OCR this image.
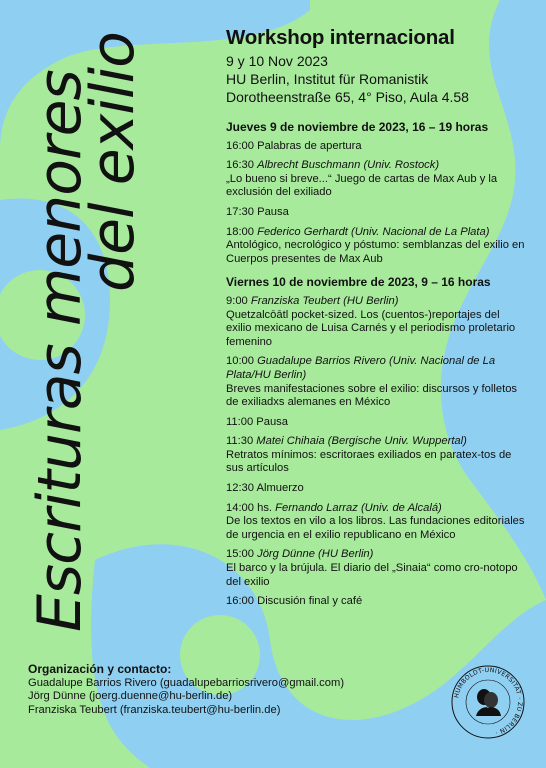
Escrituras menores
del exilio	Workshop internacional
9 y 10 Nov 2023
HU Berlin, Institut für Romanistik
Dorotheenstraße 65, 4° Piso, Aula 4.58
Jueves 9 de noviembre de 2023, 16 – 19 horas
16:00 Palabras de apertura
16:30 Albrecht Buschmann (Univ. Rostock)
„Lo bueno si breve...“ Juego de cartas de Max Aub y la exclusión del exiliado
17:30 Pausa
18:00 Federico Gerhardt (Univ. Nacional de La Plata)
Antológico, necrológico y póstumo: semblanzas del exilio en Cuerpos presentes de Max Aub
Viernes 10 de noviembre de 2023, 9 – 16 horas
9:00 Franziska Teubert (HU Berlin)
Quetzalcōātl pocket-sized. Los (cuentos-)reportajes del exilio mexicano de Luisa Carnés y el periodismo proletario femenino
10:00 Guadalupe Barrios Rivero (Univ. Nacional de La Plata/HU Berlin)
Breves manifestaciones sobre el exilio: discursos y folletos de exiliadxs alemanes en México
11:00 Pausa
11:30 Matei Chihaia (Bergische Univ. Wuppertal)
Retratos mínimos: escritoraes exiliados en paratex-tos de sus artículos
12:30 Almuerzo
14:00 hs. Fernando Larraz (Univ. de Alcalá)
De los textos en vilo a los libros. Las fundaciones editoriales de urgencia en el exilio republicano en México
15:00 Jörg Dünne (HU Berlin)
El barco y la brújula. El diario del „Sinaia“ como cro-notopo del exilio
16:00 Discusión final y café
Organización y contacto:
Guadalupe Barrios Rivero (guadalupebarriosrivero@gmail.com)
Jörg Dünne (joerg.duenne@hu-berlin.de)
Franziska Teubert (franziska.teubert@hu-berlin.de)
HUMBOLDT-UNIVERSITÄT · ZU BERLIN ·
